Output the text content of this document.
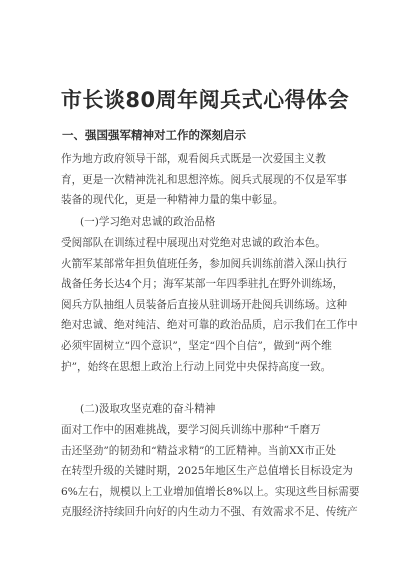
市长谈80周年阅兵式心得体会
一、强国强军精神对工作的深刻启示
作为地方政府领导干部，观看阅兵式既是一次爱国主义教
育，更是一次精神洗礼和思想淬炼。阅兵式展现的不仅是军事
装备的现代化，更是一种精神力量的集中彰显。
(一)学习绝对忠诚的政治品格
受阅部队在训练过程中展现出对党绝对忠诚的政治本色。
火箭军某部常年担负值班任务，参加阅兵训练前潜入深山执行
战备任务长达4个月；海军某部一年四季驻扎在野外训练场，
阅兵方队抽组人员装备后直接从驻训场开赴阅兵训练场。这种
绝对忠诚、绝对纯洁、绝对可靠的政治品质，启示我们在工作中
必须牢固树立“四个意识”，坚定“四个自信”，做到“两个维
护”，始终在思想上政治上行动上同党中央保持高度一致。
(二)汲取攻坚克难的奋斗精神
面对工作中的困难挑战，要学习阅兵训练中那种“千磨万
击还坚劲”的韧劲和“精益求精”的工匠精神。当前XX市正处
在转型升级的关键时期，2025年地区生产总值增长目标设定为
6%左右，规模以上工业增加值增长8%以上。实现这些目标需要
克服经济持续回升向好的内生动力不强、有效需求不足、传统产
